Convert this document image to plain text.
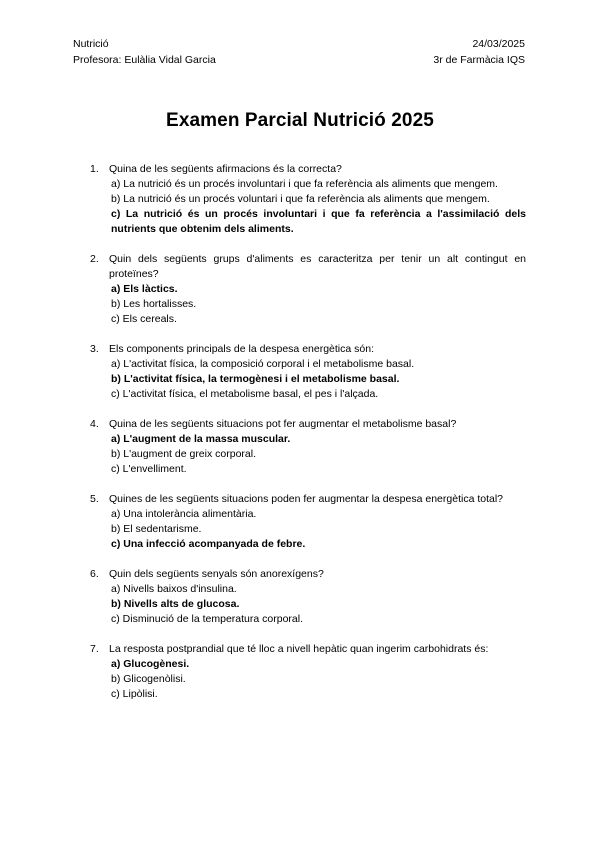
Nutrició	24/03/2025
Profesora: Eulàlia Vidal Garcia	3r de Farmàcia IQS
Examen Parcial Nutrició 2025
1. Quina de les següents afirmacions és la correcta?
a) La nutrició és un procés involuntari i que fa referència als aliments que mengem.
b) La nutrició és un procés voluntari i que fa referència als aliments que mengem.
c) La nutrició és un procés involuntari i que fa referència a l'assimilació dels nutrients que obtenim dels aliments.
2. Quin dels següents grups d'aliments es caracteritza per tenir un alt contingut en proteïnes?
a) Els làctics.
b) Les hortalisses.
c) Els cereals.
3. Els components principals de la despesa energètica són:
a) L'activitat física, la composició corporal i el metabolisme basal.
b) L'activitat física, la termogènesi i el metabolisme basal.
c) L'activitat física, el metabolisme basal, el pes i l'alçada.
4. Quina de les següents situacions pot fer augmentar el metabolisme basal?
a) L'augment de la massa muscular.
b) L'augment de greix corporal.
c) L'envelliment.
5. Quines de les següents situacions poden fer augmentar la despesa energètica total?
a) Una intolerància alimentària.
b) El sedentarisme.
c) Una infecció acompanyada de febre.
6. Quin dels següents senyals són anorexígens?
a) Nivells baixos d'insulina.
b) Nivells alts de glucosa.
c) Disminució de la temperatura corporal.
7. La resposta postprandial que té lloc a nivell hepàtic quan ingerim carbohidrats és:
a) Glucogènesi.
b) Glicogenòlisi.
c) Lipòlisi.
